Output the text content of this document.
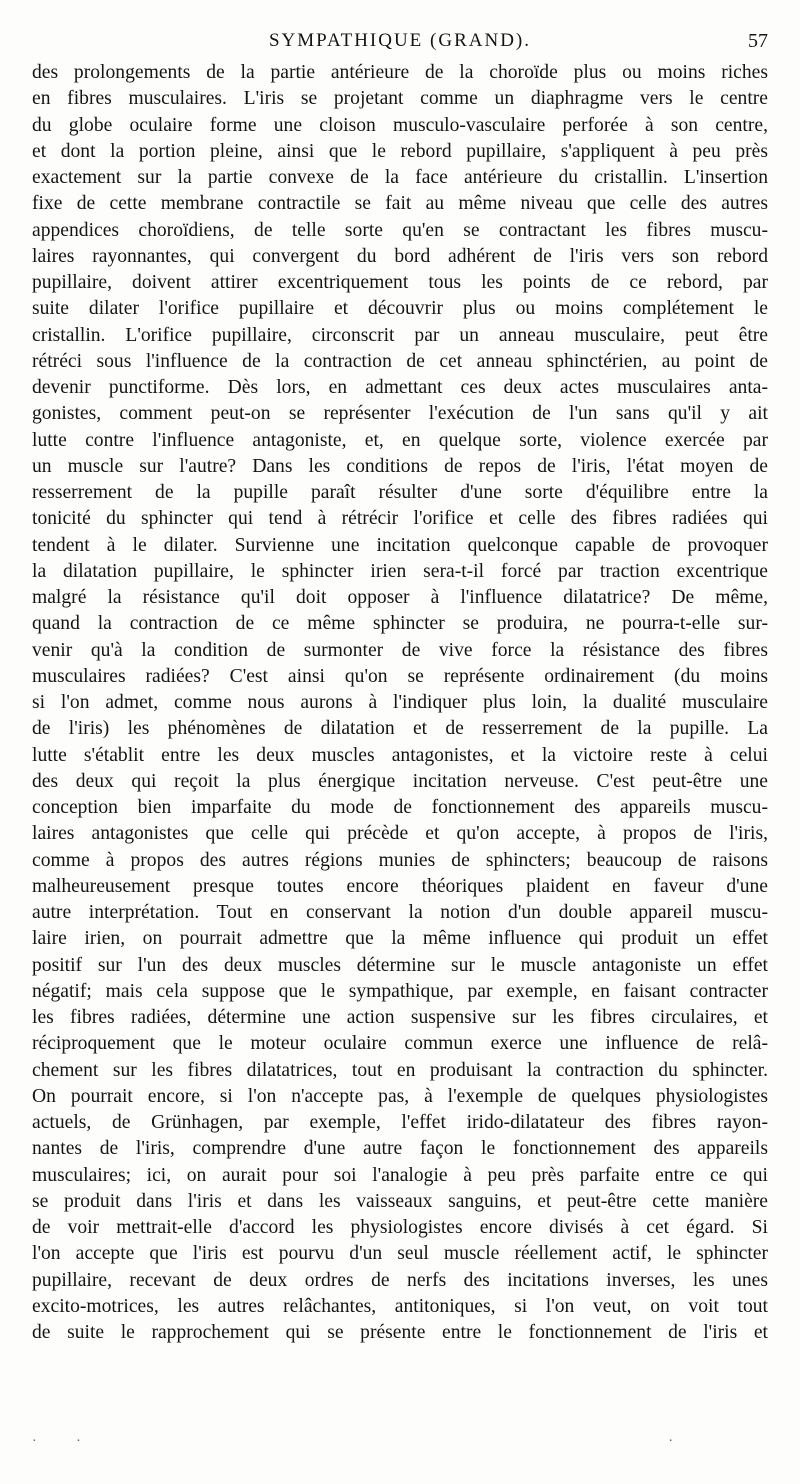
SYMPATHIQUE (GRAND).	57
des prolongements de la partie antérieure de la choroïde plus ou moins riches
en fibres musculaires. L'iris se projetant comme un diaphragme vers le centre
du globe oculaire forme une cloison musculo-vasculaire perforée à son centre,
et dont la portion pleine, ainsi que le rebord pupillaire, s'appliquent à peu près
exactement sur la partie convexe de la face antérieure du cristallin. L'insertion
fixe de cette membrane contractile se fait au même niveau que celle des autres
appendices choroïdiens, de telle sorte qu'en se contractant les fibres muscu-
laires rayonnantes, qui convergent du bord adhérent de l'iris vers son rebord
pupillaire, doivent attirer excentriquement tous les points de ce rebord, par
suite dilater l'orifice pupillaire et découvrir plus ou moins complétement le
cristallin. L'orifice pupillaire, circonscrit par un anneau musculaire, peut être
rétréci sous l'influence de la contraction de cet anneau sphinctérien, au point de
devenir punctiforme. Dès lors, en admettant ces deux actes musculaires anta-
gonistes, comment peut-on se représenter l'exécution de l'un sans qu'il y ait
lutte contre l'influence antagoniste, et, en quelque sorte, violence exercée par
un muscle sur l'autre? Dans les conditions de repos de l'iris, l'état moyen de
resserrement de la pupille paraît résulter d'une sorte d'équilibre entre la
tonicité du sphincter qui tend à rétrécir l'orifice et celle des fibres radiées qui
tendent à le dilater. Survienne une incitation quelconque capable de provoquer
la dilatation pupillaire, le sphincter irien sera-t-il forcé par traction excentrique
malgré la résistance qu'il doit opposer à l'influence dilatatrice? De même,
quand la contraction de ce même sphincter se produira, ne pourra-t-elle sur-
venir qu'à la condition de surmonter de vive force la résistance des fibres
musculaires radiées? C'est ainsi qu'on se représente ordinairement (du moins
si l'on admet, comme nous aurons à l'indiquer plus loin, la dualité musculaire
de l'iris) les phénomènes de dilatation et de resserrement de la pupille. La
lutte s'établit entre les deux muscles antagonistes, et la victoire reste à celui
des deux qui reçoit la plus énergique incitation nerveuse. C'est peut-être une
conception bien imparfaite du mode de fonctionnement des appareils muscu-
laires antagonistes que celle qui précède et qu'on accepte, à propos de l'iris,
comme à propos des autres régions munies de sphincters; beaucoup de raisons
malheureusement presque toutes encore théoriques plaident en faveur d'une
autre interprétation. Tout en conservant la notion d'un double appareil muscu-
laire irien, on pourrait admettre que la même influence qui produit un effet
positif sur l'un des deux muscles détermine sur le muscle antagoniste un effet
négatif; mais cela suppose que le sympathique, par exemple, en faisant contracter
les fibres radiées, détermine une action suspensive sur les fibres circulaires, et
réciproquement que le moteur oculaire commun exerce une influence de relâ-
chement sur les fibres dilatatrices, tout en produisant la contraction du sphincter.
On pourrait encore, si l'on n'accepte pas, à l'exemple de quelques physiologistes
actuels, de Grünhagen, par exemple, l'effet irido-dilatateur des fibres rayon-
nantes de l'iris, comprendre d'une autre façon le fonctionnement des appareils
musculaires; ici, on aurait pour soi l'analogie à peu près parfaite entre ce qui
se produit dans l'iris et dans les vaisseaux sanguins, et peut-être cette manière
de voir mettrait-elle d'accord les physiologistes encore divisés à cet égard. Si
l'on accepte que l'iris est pourvu d'un seul muscle réellement actif, le sphincter
pupillaire, recevant de deux ordres de nerfs des incitations inverses, les unes
excito-motrices, les autres relâchantes, antitoniques, si l'on veut, on voit tout
de suite le rapprochement qui se présente entre le fonctionnement de l'iris et
· ·	·
